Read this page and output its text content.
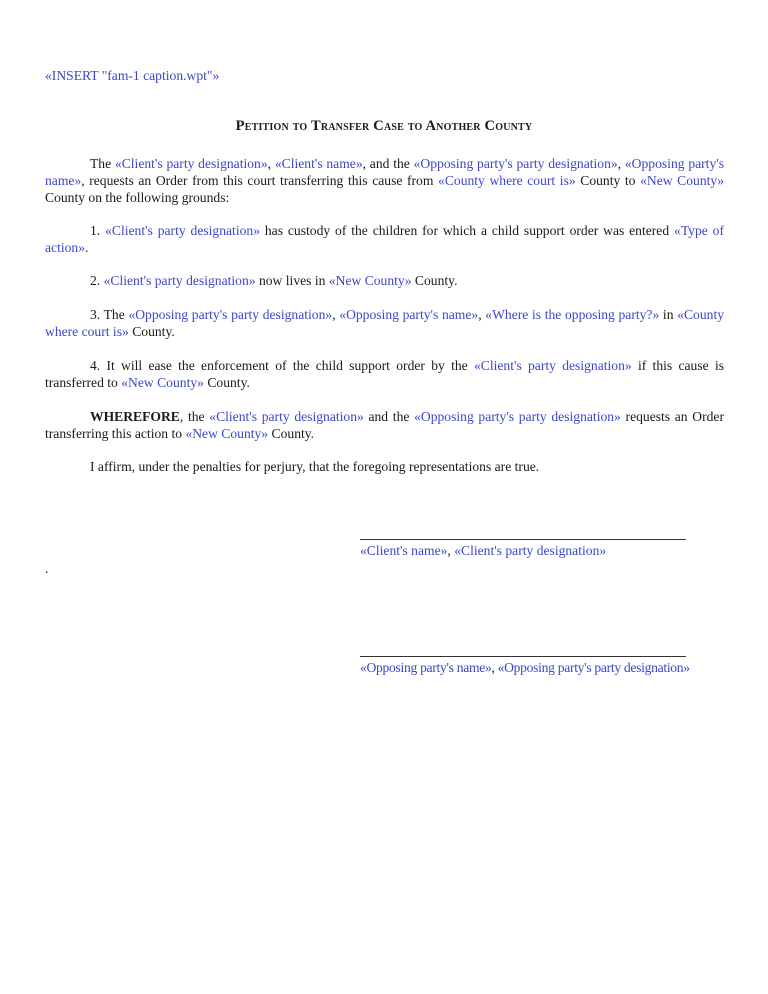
«INSERT "fam-1 caption.wpt"»
Petition to Transfer Case to Another County
The «Client's party designation», «Client's name», and the «Opposing party's party designation», «Opposing party's name», requests an Order from this court transferring this cause from «County where court is» County to «New County» County on the following grounds:
1. «Client's party designation» has custody of the children for which a child support order was entered «Type of action».
2. «Client's party designation» now lives in «New County» County.
3. The «Opposing party's party designation», «Opposing party's name», «Where is the opposing party?» in «County where court is» County.
4. It will ease the enforcement of the child support order by the «Client's party designation» if this cause is transferred to «New County» County.
WHEREFORE, the «Client's party designation» and the «Opposing party's party designation» requests an Order transferring this action to «New County» County.
I affirm, under the penalties for perjury, that the foregoing representations are true.
«Client's name», «Client's party designation»
.
«Opposing party's name», «Opposing party's party designation»
